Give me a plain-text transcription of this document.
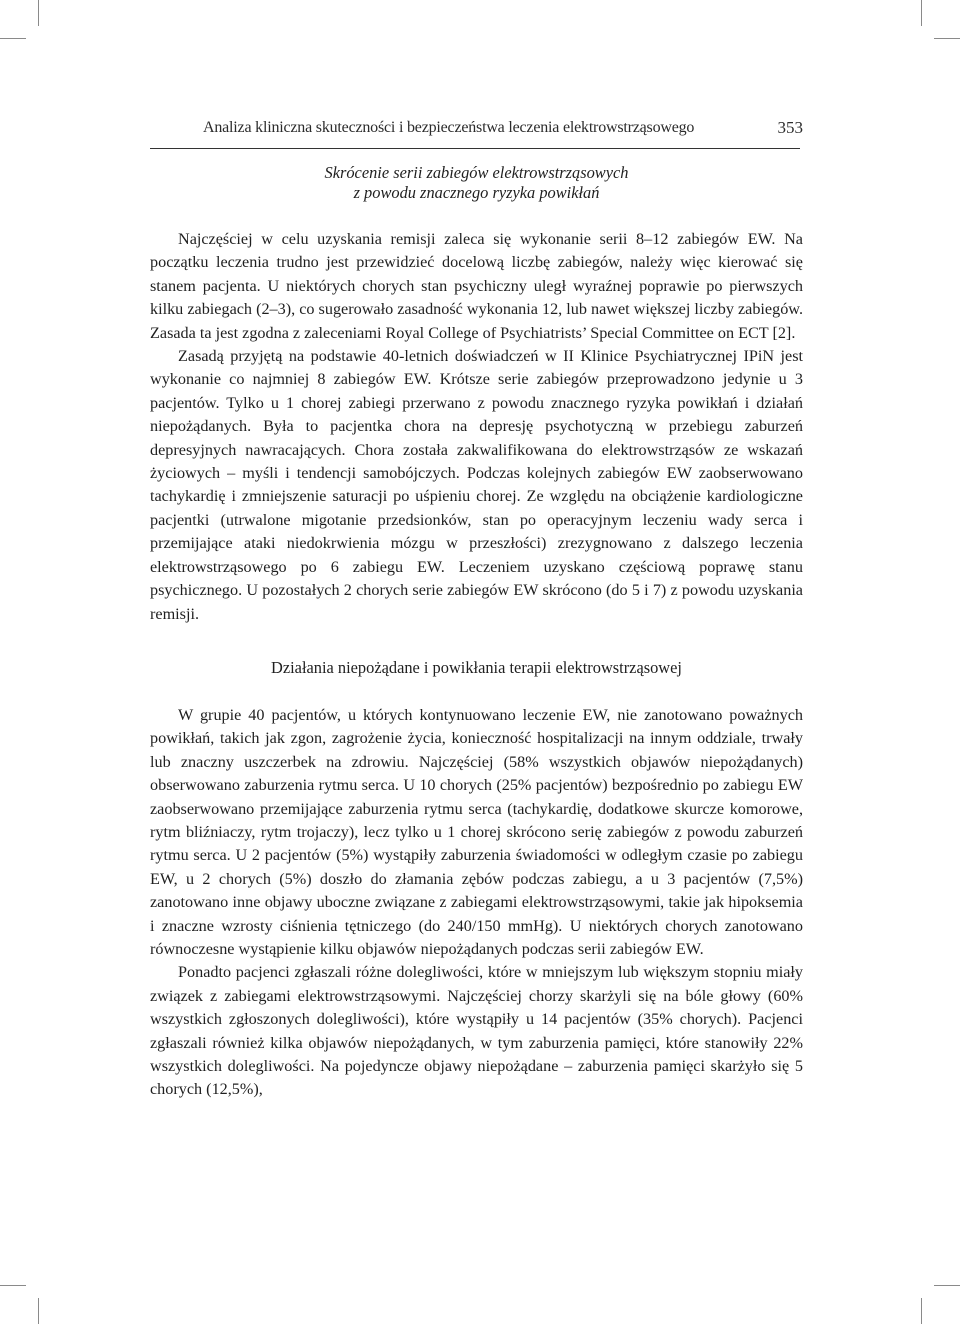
Analiza kliniczna skuteczności i bezpieczeństwa leczenia elektrowstrząsowego	353
Skrócenie serii zabiegów elektrowstrząsowych
z powodu znacznego ryzyka powikłań

Najczęściej w celu uzyskania remisji zaleca się wykonanie serii 8–12 zabiegów EW. Na początku leczenia trudno jest przewidzieć docelową liczbę zabiegów, należy więc kierować się stanem pacjenta. U niektórych chorych stan psychiczny uległ wyraźnej poprawie po pierwszych kilku zabiegach (2–3), co sugerowało zasadność wykonania 12, lub nawet większej liczby zabiegów. Zasada ta jest zgodna z zaleceniami Royal College of Psychiatrists’ Special Committee on ECT [2].

Zasadą przyjętą na podstawie 40-letnich doświadczeń w II Klinice Psychiatrycznej IPiN jest wykonanie co najmniej 8 zabiegów EW. Krótsze serie zabiegów przeprowadzono jedynie u 3 pacjentów. Tylko u 1 chorej zabiegi przerwano z powodu znacznego ryzyka powikłań i działań niepożądanych. Była to pacjentka chora na depresję psychotyczną w przebiegu zaburzeń depresyjnych nawracających. Chora została zakwalifikowana do elektrowstrząsów ze wskazań życiowych – myśli i tendencji samobójczych. Podczas kolejnych zabiegów EW zaobserwowano tachykardię i zmniejszenie saturacji po uśpieniu chorej. Ze względu na obciążenie kardiologiczne pacjentki (utrwalone migotanie przedsionków, stan po operacyjnym leczeniu wady serca i przemijające ataki niedokrwienia mózgu w przeszłości) zrezygnowano z dalszego leczenia elektrowstrząsowego po 6 zabiegu EW. Leczeniem uzyskano częściową poprawę stanu psychicznego. U pozostałych 2 chorych serie zabiegów EW skrócono (do 5 i 7) z powodu uzyskania remisji.

Działania niepożądane i powikłania terapii elektrowstrząsowej

W grupie 40 pacjentów, u których kontynuowano leczenie EW, nie zanotowano poważnych powikłań, takich jak zgon, zagrożenie życia, konieczność hospitalizacji na innym oddziale, trwały lub znaczny uszczerbek na zdrowiu. Najczęściej (58% wszystkich objawów niepożądanych) obserwowano zaburzenia rytmu serca. U 10 chorych (25% pacjentów) bezpośrednio po zabiegu EW zaobserwowano przemijające zaburzenia rytmu serca (tachykardię, dodatkowe skurcze komorowe, rytm bliźniaczy, rytm trojaczy), lecz tylko u 1 chorej skrócono serię zabiegów z powodu zaburzeń rytmu serca. U 2 pacjentów (5%) wystąpiły zaburzenia świadomości w odległym czasie po zabiegu EW, u 2 chorych (5%) doszło do złamania zębów podczas zabiegu, a u 3 pacjentów (7,5%) zanotowano inne objawy uboczne związane z zabiegami elektrowstrząsowymi, takie jak hipoksemia i znaczne wzrosty ciśnienia tętniczego (do 240/150 mmHg). U niektórych chorych zanotowano równoczesne wystąpienie kilku objawów niepożądanych podczas serii zabiegów EW.

Ponadto pacjenci zgłaszali różne dolegliwości, które w mniejszym lub większym stopniu miały związek z zabiegami elektrowstrząsowymi. Najczęściej chorzy skarżyli się na bóle głowy (60% wszystkich zgłoszonych dolegliwości), które wystąpiły u 14 pacjentów (35% chorych). Pacjenci zgłaszali również kilka objawów niepożądanych, w tym zaburzenia pamięci, które stanowiły 22% wszystkich dolegliwości. Na pojedyncze objawy niepożądane – zaburzenia pamięci skarżyło się 5 chorych (12,5%),
